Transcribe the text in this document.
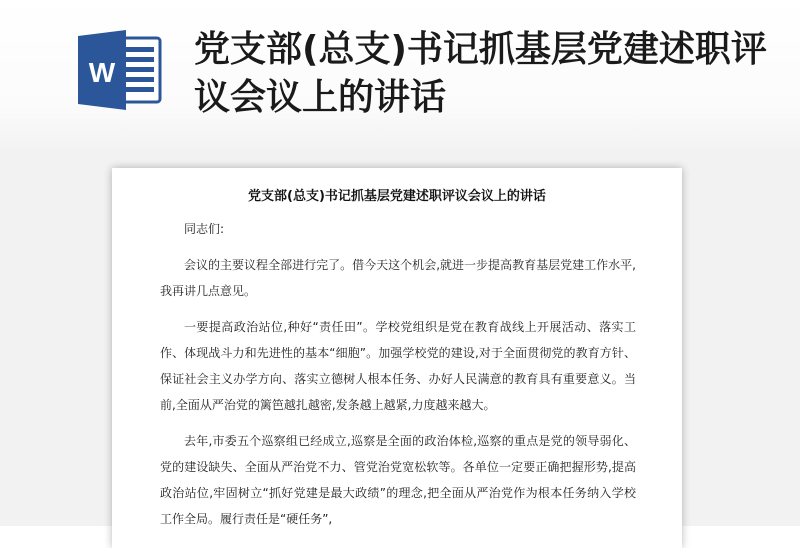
W
党支部(总支)书记抓基层党建述职评议会议上的讲话
党支部(总支)书记抓基层党建述职评议会议上的讲话

同志们:

会议的主要议程全部进行完了。借今天这个机会,就进一步提高教育基层党建工作水平,我再讲几点意见。

一要提高政治站位,种好“责任田”。学校党组织是党在教育战线上开展活动、落实工作、体现战斗力和先进性的基本“细胞”。加强学校党的建设,对于全面贯彻党的教育方针、保证社会主义办学方向、落实立德树人根本任务、办好人民满意的教育具有重要意义。当前,全面从严治党的篱笆越扎越密,发条越上越紧,力度越来越大。

去年,市委五个巡察组已经成立,巡察是全面的政治体检,巡察的重点是党的领导弱化、党的建设缺失、全面从严治党不力、管党治党宽松软等。各单位一定要正确把握形势,提高政治站位,牢固树立“抓好党建是最大政绩”的理念,把全面从严治党作为根本任务纳入学校工作全局。履行责任是“硬任务”,
